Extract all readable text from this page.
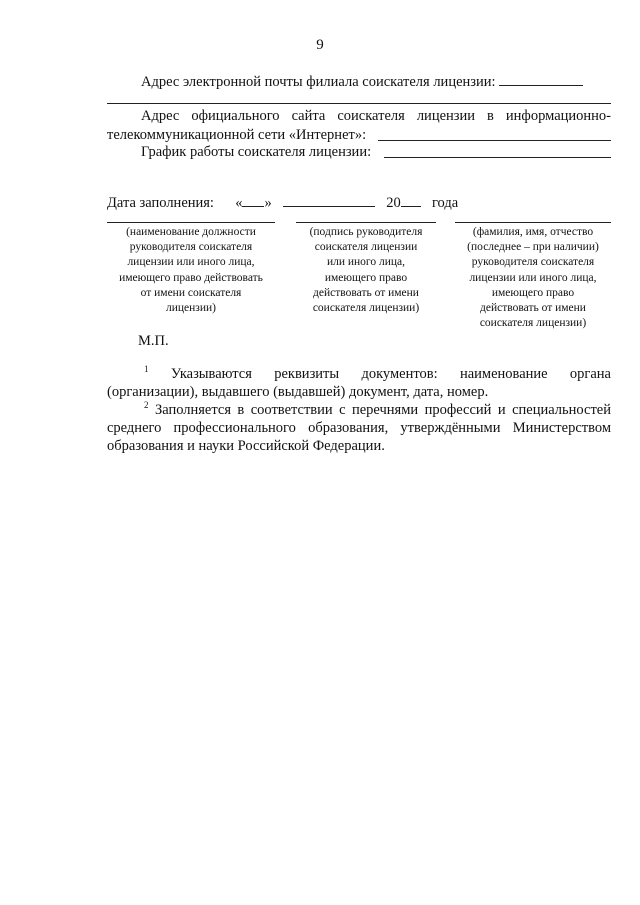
9
Адрес электронной почты филиала соискателя лицензии:
Адрес официального сайта соискателя лицензии в информационно-
телекоммуникационной сети «Интернет»:
График работы соискателя лицензии:
Дата заполнения: « »	20 года
(наименование должности
руководителя соискателя
лицензии или иного лица,
имеющего право действовать
от имени соискателя
лицензии)
(подпись руководителя
соискателя лицензии
или иного лица,
имеющего право
действовать от имени
соискателя лицензии)
(фамилия, имя, отчество
(последнее – при наличии)
руководителя соискателя
лицензии или иного лица,
имеющего право
действовать от имени
соискателя лицензии)
М.П.
$^1$ Указываются реквизиты документов: наименование органа (организации), выдавшего (выдавшей) документ, дата, номер.
$^2$ Заполняется в соответствии с перечнями профессий и специальностей среднего профессионального образования, утверждёнными Министерством образования и науки Российской Федерации.
